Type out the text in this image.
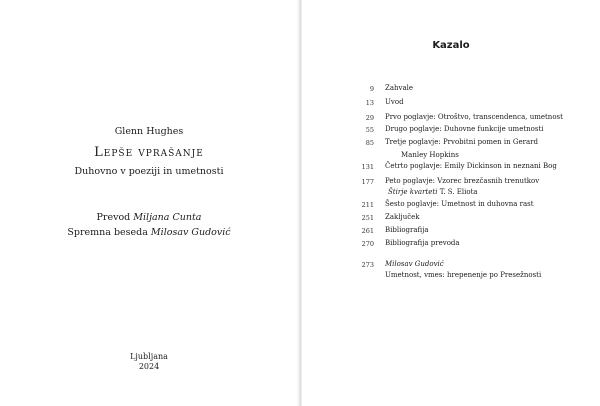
Glenn Hughes
Lepše vprašanje
Duhovno v poeziji in umetnosti
Prevod Miljana Cunta
Spremna beseda Milosav Gudović
Ljubljana
2024
Kazalo
9 Zahvale
13 Uvod
29 Prvo poglavje: Otroštvo, transcendenca, umetnost
55 Drugo poglavje: Duhovne funkcije umetnosti
85 Tretje poglavje: Prvobitni pomen in Gerard
Manley Hopkins
131 Četrto poglavje: Emily Dickinson in neznani Bog
177 Peto poglavje: Vzorec brezčasnih trenutkov
Štirje kvarteti T. S. Eliota
211 Šesto poglavje: Umetnost in duhovna rast
251 Zaključek
261 Bibliografija
270 Bibliografija prevoda
273 Milosav Gudović
Umetnost, vmes: hrepenenje po Presežnosti
